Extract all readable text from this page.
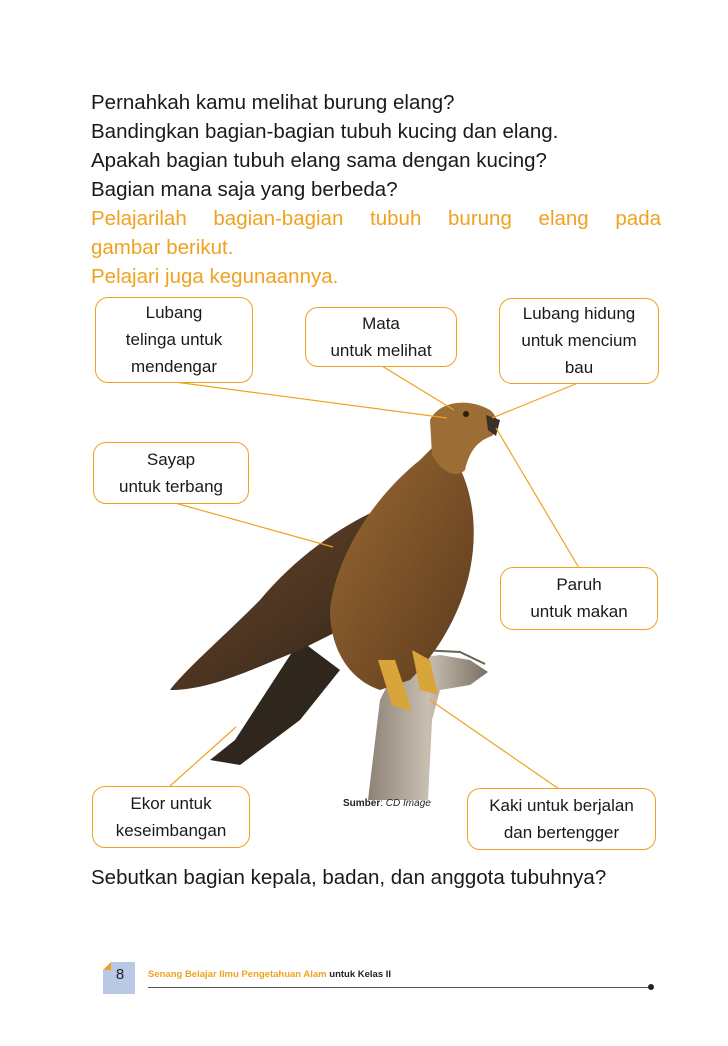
Pernahkah kamu melihat burung elang?

Bandingkan bagian-bagian tubuh kucing dan elang.

Apakah bagian tubuh elang sama dengan kucing?

Bagian mana saja yang berbeda?

Pelajarilah bagian-bagian tubuh burung elang pada

gambar berikut.

Pelajari juga kegunaannya.

Lubang
telinga untuk
mendengar
Mata
untuk melihat
Lubang hidung
untuk mencium
bau
Sayap
untuk terbang
Paruh
untuk makan
Ekor untuk
keseimbangan
Kaki untuk berjalan
dan bertengger
Sumber: CD Image
Sebutkan bagian kepala, badan, dan anggota tubuhnya?
8	Senang Belajar Ilmu Pengetahuan Alam untuk Kelas II
